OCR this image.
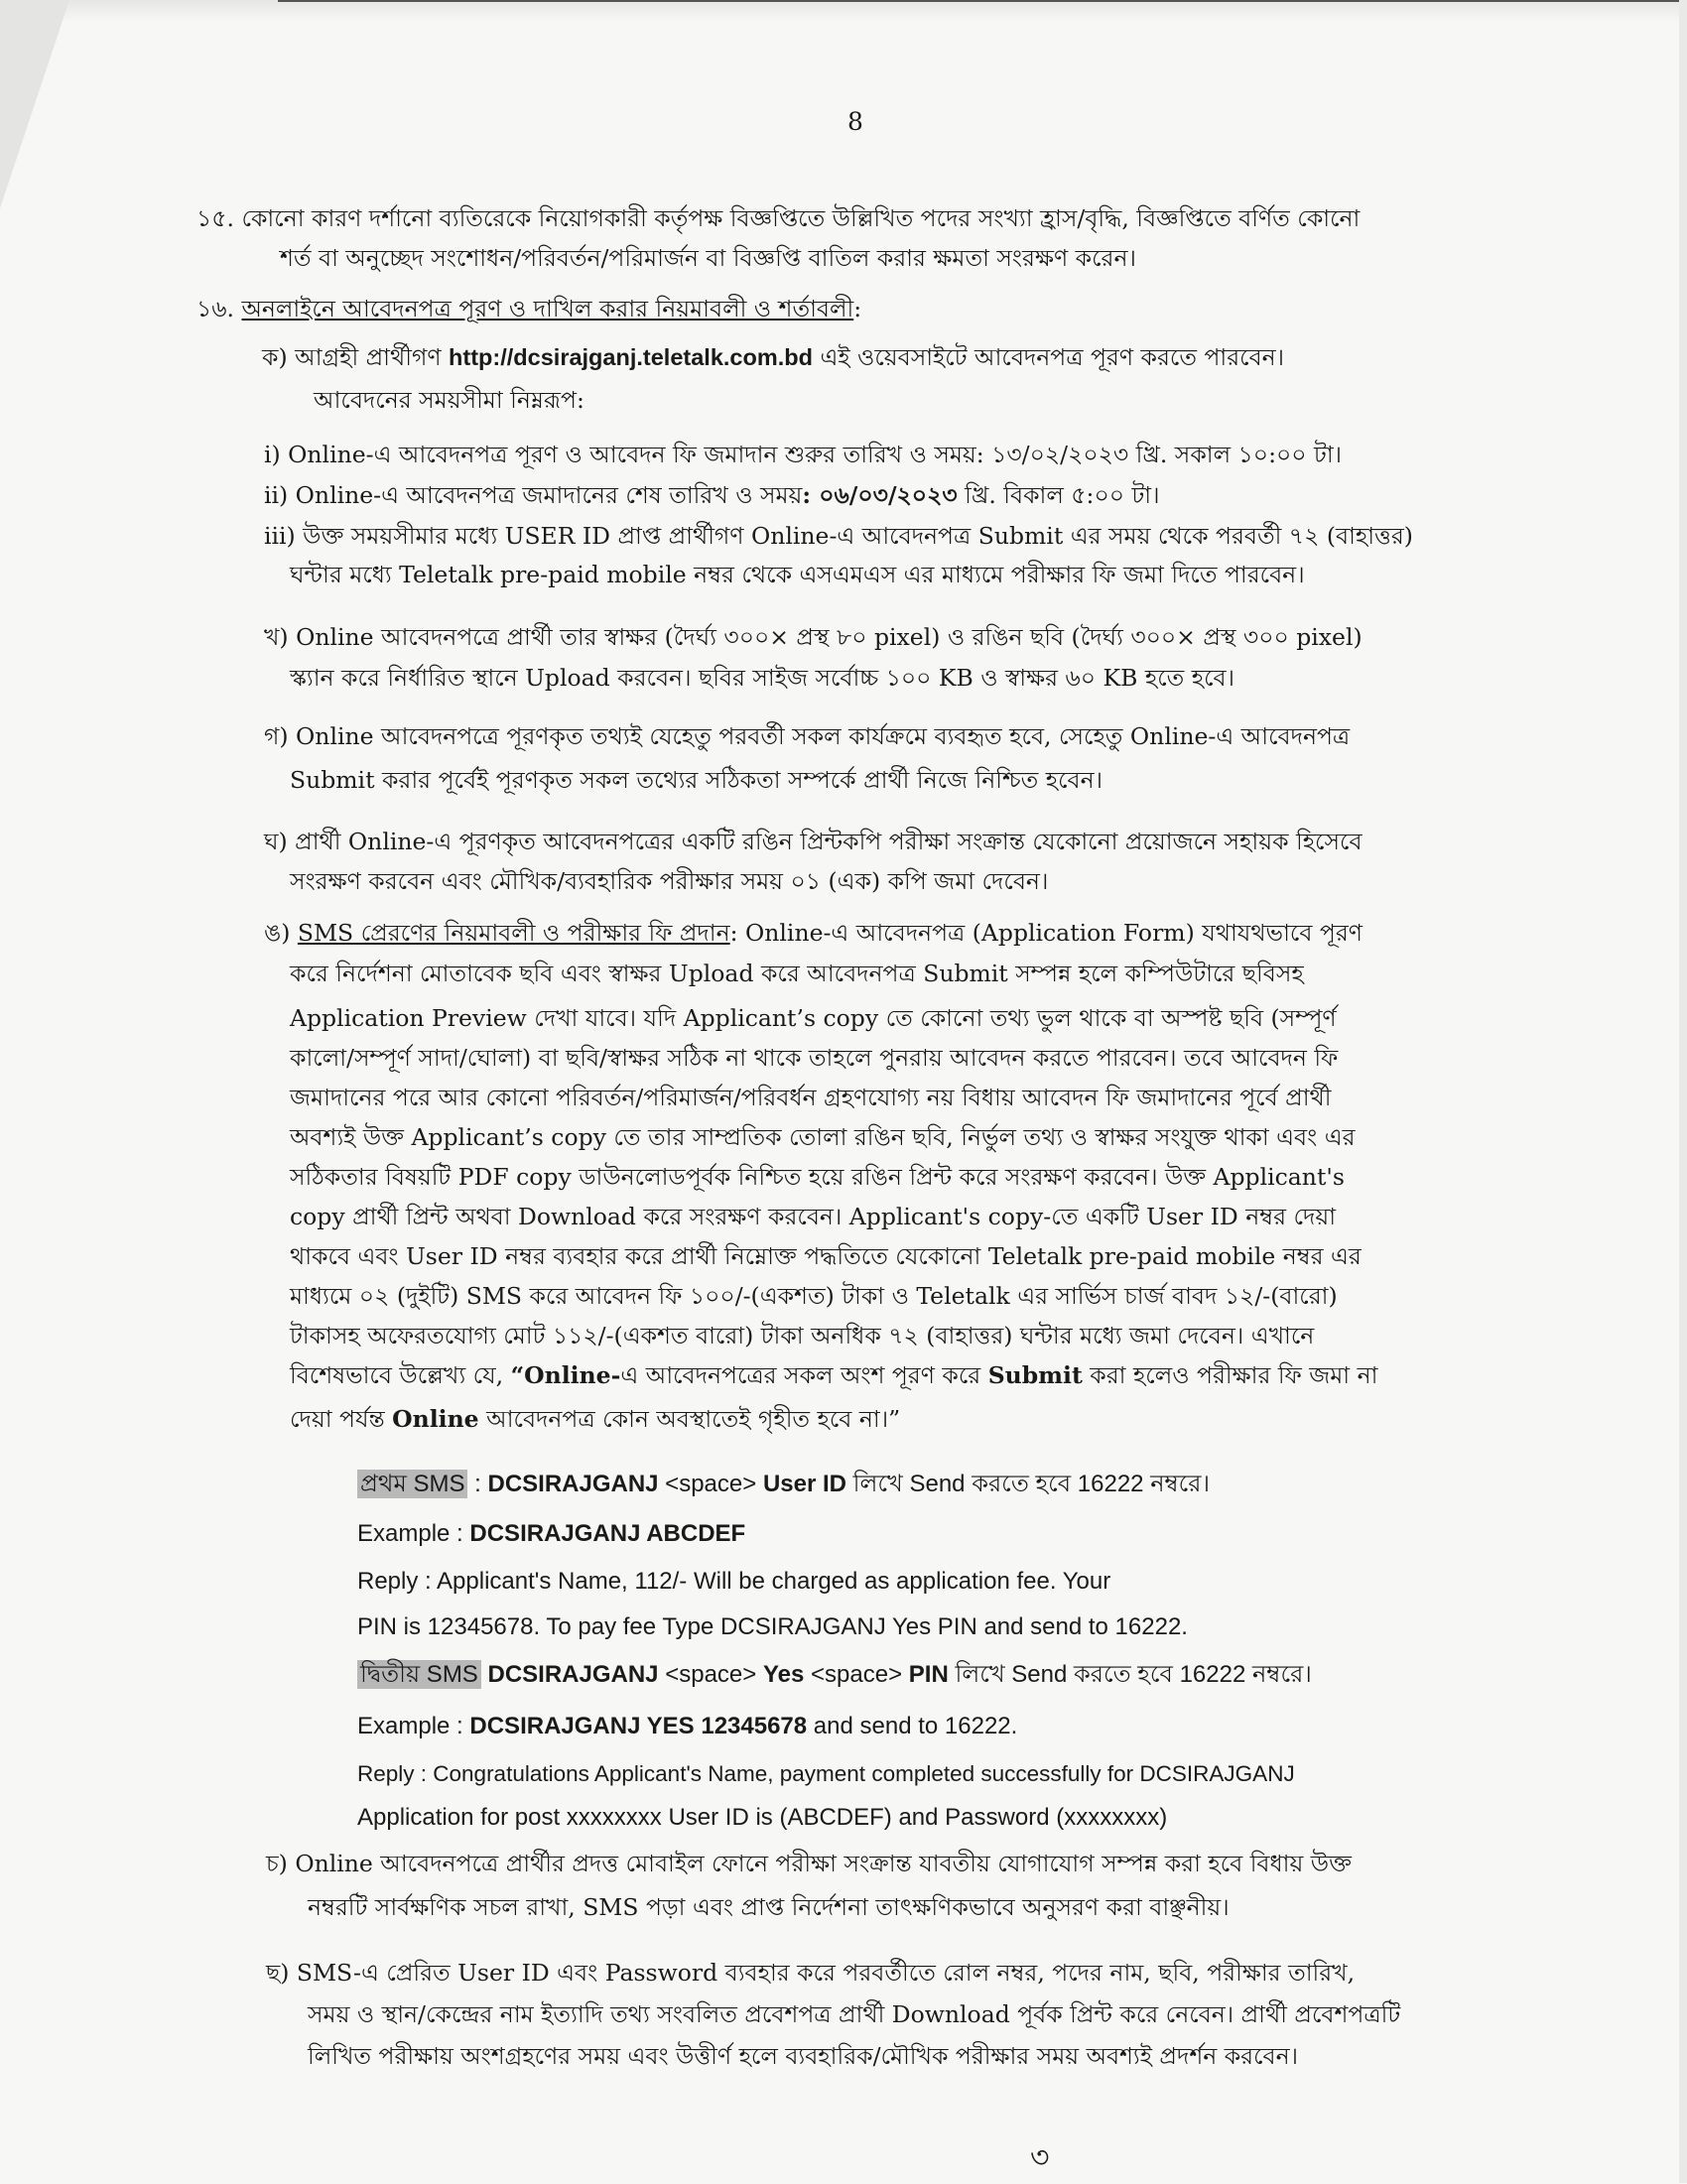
8
১৫. কোনো কারণ দর্শানো ব্যতিরেকে নিয়োগকারী কর্তৃপক্ষ বিজ্ঞপ্তিতে উল্লিখিত পদের সংখ্যা হ্রাস/বৃদ্ধি, বিজ্ঞপ্তিতে বর্ণিত কোনো
শর্ত বা অনুচ্ছেদ সংশোধন/পরিবর্তন/পরিমার্জন বা বিজ্ঞপ্তি বাতিল করার ক্ষমতা সংরক্ষণ করেন।
১৬. অনলাইনে আবেদনপত্র পূরণ ও দাখিল করার নিয়মাবলী ও শর্তাবলী:
ক) আগ্রহী প্রার্থীগণ http://dcsirajganj.teletalk.com.bd এই ওয়েবসাইটে আবেদনপত্র পূরণ করতে পারবেন।
আবেদনের সময়সীমা নিম্নরূপ:
i) Online-এ আবেদনপত্র পূরণ ও আবেদন ফি জমাদান শুরুর তারিখ ও সময়: ১৩/০২/২০২৩ খ্রি. সকাল ১০:০০ টা।
ii) Online-এ আবেদনপত্র জমাদানের শেষ তারিখ ও সময়: ০৬/০৩/২০২৩ খ্রি. বিকাল ৫:০০ টা।
iii) উক্ত সময়সীমার মধ্যে USER ID প্রাপ্ত প্রার্থীগণ Online-এ আবেদনপত্র Submit এর সময় থেকে পরবর্তী ৭২ (বাহাত্তর)
ঘন্টার মধ্যে Teletalk pre-paid mobile নম্বর থেকে এসএমএস এর মাধ্যমে পরীক্ষার ফি জমা দিতে পারবেন।
খ) Online আবেদনপত্রে প্রার্থী তার স্বাক্ষর (দৈর্ঘ্য ৩০০× প্রস্থ ৮০ pixel) ও রঙিন ছবি (দৈর্ঘ্য ৩০০× প্রস্থ ৩০০ pixel)
স্ক্যান করে নির্ধারিত স্থানে Upload করবেন। ছবির সাইজ সর্বোচ্চ ১০০ KB ও স্বাক্ষর ৬০ KB হতে হবে।
গ) Online আবেদনপত্রে পূরণকৃত তথ্যই যেহেতু পরবর্তী সকল কার্যক্রমে ব্যবহৃত হবে, সেহেতু Online-এ আবেদনপত্র
Submit করার পূর্বেই পূরণকৃত সকল তথ্যের সঠিকতা সম্পর্কে প্রার্থী নিজে নিশ্চিত হবেন।
ঘ) প্রার্থী Online-এ পূরণকৃত আবেদনপত্রের একটি রঙিন প্রিন্টকপি পরীক্ষা সংক্রান্ত যেকোনো প্রয়োজনে সহায়ক হিসেবে
সংরক্ষণ করবেন এবং মৌখিক/ব্যবহারিক পরীক্ষার সময় ০১ (এক) কপি জমা দেবেন।
ঙ) SMS প্রেরণের নিয়মাবলী ও পরীক্ষার ফি প্রদান: Online-এ আবেদনপত্র (Application Form) যথাযথভাবে পূরণ
করে নির্দেশনা মোতাবেক ছবি এবং স্বাক্ষর Upload করে আবেদনপত্র Submit সম্পন্ন হলে কম্পিউটারে ছবিসহ
Application Preview দেখা যাবে। যদি Applicant’s copy তে কোনো তথ্য ভুল থাকে বা অস্পষ্ট ছবি (সম্পূর্ণ
কালো/সম্পূর্ণ সাদা/ঘোলা) বা ছবি/স্বাক্ষর সঠিক না থাকে তাহলে পুনরায় আবেদন করতে পারবেন। তবে আবেদন ফি
জমাদানের পরে আর কোনো পরিবর্তন/পরিমার্জন/পরিবর্ধন গ্রহণযোগ্য নয় বিধায় আবেদন ফি জমাদানের পূর্বে প্রার্থী
অবশ্যই উক্ত Applicant’s copy তে তার সাম্প্রতিক তোলা রঙিন ছবি, নির্ভুল তথ্য ও স্বাক্ষর সংযুক্ত থাকা এবং এর
সঠিকতার বিষয়টি PDF copy ডাউনলোডপূর্বক নিশ্চিত হয়ে রঙিন প্রিন্ট করে সংরক্ষণ করবেন। উক্ত Applicant's
copy প্রার্থী প্রিন্ট অথবা Download করে সংরক্ষণ করবেন। Applicant's copy-তে একটি User ID নম্বর দেয়া
থাকবে এবং User ID নম্বর ব্যবহার করে প্রার্থী নিম্নোক্ত পদ্ধতিতে যেকোনো Teletalk pre-paid mobile নম্বর এর
মাধ্যমে ০২ (দুইটি) SMS করে আবেদন ফি ১০০/-(একশত) টাকা ও Teletalk এর সার্ভিস চার্জ বাবদ ১২/-(বারো)
টাকাসহ অফেরতযোগ্য মোট ১১২/-(একশত বারো) টাকা অনধিক ৭২ (বাহাত্তর) ঘন্টার মধ্যে জমা দেবেন। এখানে
বিশেষভাবে উল্লেখ্য যে, “Online-এ আবেদনপত্রের সকল অংশ পূরণ করে Submit করা হলেও পরীক্ষার ফি জমা না
দেয়া পর্যন্ত Online আবেদনপত্র কোন অবস্থাতেই গৃহীত হবে না।”
প্রথম SMS : DCSIRAJGANJ <space> User ID লিখে Send করতে হবে 16222 নম্বরে।
Example : DCSIRAJGANJ ABCDEF
Reply : Applicant's Name, 112/- Will be charged as application fee. Your
PIN is 12345678. To pay fee Type DCSIRAJGANJ Yes PIN and send to 16222.
দ্বিতীয় SMS DCSIRAJGANJ <space> Yes <space> PIN লিখে Send করতে হবে 16222 নম্বরে।
Example : DCSIRAJGANJ YES 12345678 and send to 16222.
Reply : Congratulations Applicant's Name, payment completed successfully for DCSIRAJGANJ
Application for post xxxxxxxx User ID is (ABCDEF) and Password (xxxxxxxx)
চ) Online আবেদনপত্রে প্রার্থীর প্রদত্ত মোবাইল ফোনে পরীক্ষা সংক্রান্ত যাবতীয় যোগাযোগ সম্পন্ন করা হবে বিধায় উক্ত
নম্বরটি সার্বক্ষণিক সচল রাখা, SMS পড়া এবং প্রাপ্ত নির্দেশনা তাৎক্ষণিকভাবে অনুসরণ করা বাঞ্ছনীয়।
ছ) SMS-এ প্রেরিত User ID এবং Password ব্যবহার করে পরবর্তীতে রোল নম্বর, পদের নাম, ছবি, পরীক্ষার তারিখ,
সময় ও স্থান/কেন্দ্রের নাম ইত্যাদি তথ্য সংবলিত প্রবেশপত্র প্রার্থী Download পূর্বক প্রিন্ট করে নেবেন। প্রার্থী প্রবেশপত্রটি
লিখিত পরীক্ষায় অংশগ্রহণের সময় এবং উত্তীর্ণ হলে ব্যবহারিক/মৌখিক পরীক্ষার সময় অবশ্যই প্রদর্শন করবেন।
৩
